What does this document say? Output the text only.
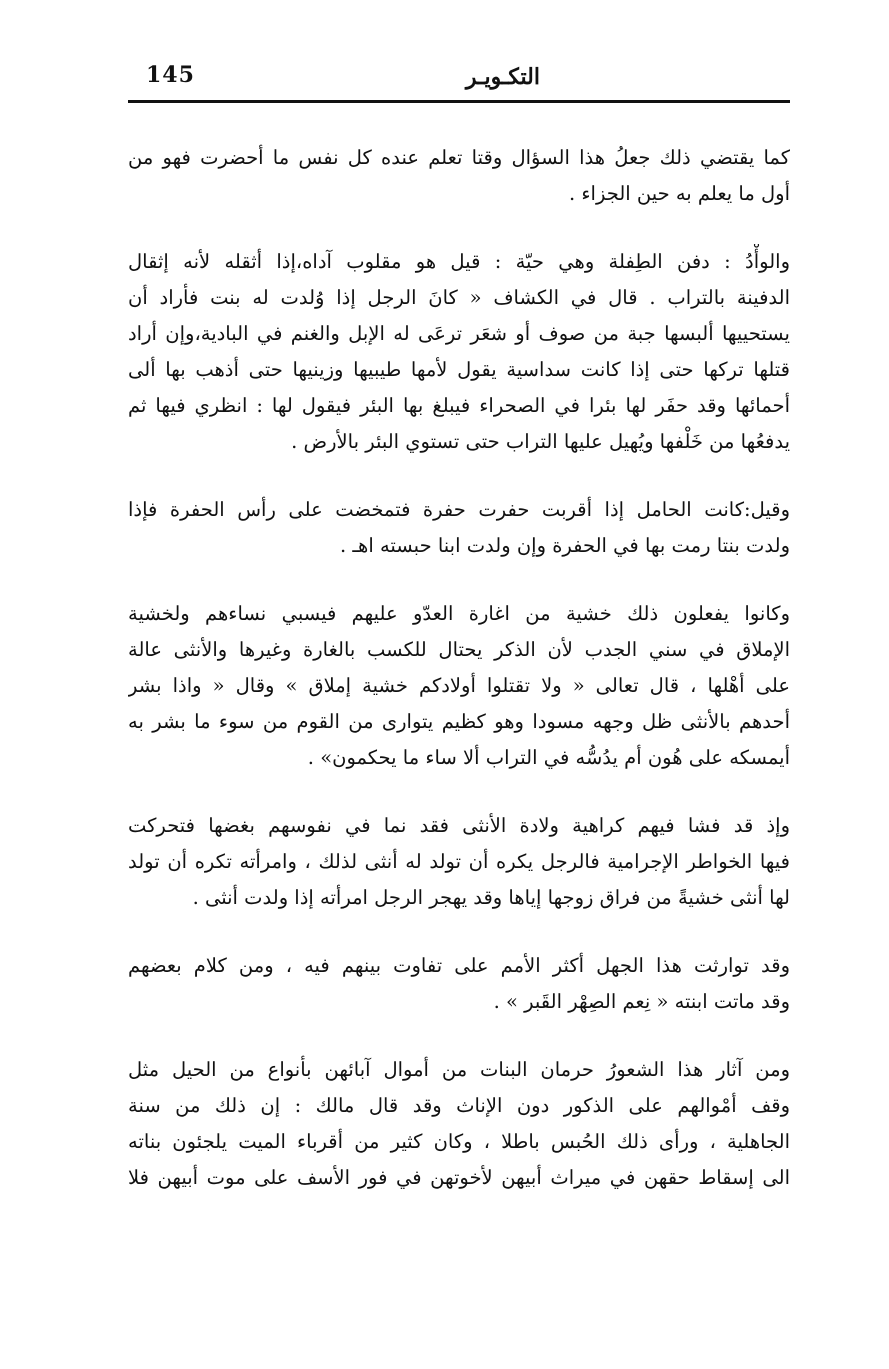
التكـويـر
145
كما يقتضي ذلك جعلُ هذا السؤال وقتا تعلم عنده كل نفس ما أحضرت فهو من
أول ما يعلم به حين الجزاء .
والوأْدُ : دفن الطِفلة وهي حيّة : قيل هو مقلوب آداه،إذا أثقله لأنه إثقال
الدفينة بالتراب . قال في الكشاف « كانَ الرجل إذا وُلدت له بنت فأراد أن
يستحييها ألبسها جبة من صوف أو شعَر ترعَى له الإبل والغنم في البادية،وإن أراد
قتلها تركها حتى إذا كانت سداسية يقول لأمها طيبيها وزينيها حتى أذهب بها ألى
أحمائها وقد حفَر لها بئرا في الصحراء فيبلغ بها البئر فيقول لها : انظري فيها ثم
يدفعُها من خَلْفها ويُهيل عليها التراب حتى تستوي البئر بالأرض .
وقيل:كانت الحامل إذا أقربت حفرت حفرة فتمخضت على رأس الحفرة فإذا
ولدت بنتا رمت بها في الحفرة وإن ولدت ابنا حبسته اهـ .
وكانوا يفعلون ذلك خشية من اغارة العدّو عليهم فيسبي نساءهم ولخشية
الإملاق في سني الجدب لأن الذكر يحتال للكسب بالغارة وغيرها والأنثى عالة
على أهْلها ، قال تعالى « ولا تقتلوا أولادكم خشية إملاق » وقال « واذا بشر
أحدهم بالأنثى ظل وجهه مسودا وهو كظيم يتوارى من القوم من سوء ما بشر به
أيمسكه على هُون أم يدُسُّه في التراب ألا ساء ما يحكمون» .
وإذ قد فشا فيهم كراهية ولادة الأنثى فقد نما في نفوسهم بغضها فتحركت
فيها الخواطر الإجرامية فالرجل يكره أن تولد له أنثى لذلك ، وامرأته تكره أن تولد
لها أنثى خشيةً من فراق زوجها إياها وقد يهجر الرجل امرأته إذا ولدت أنثى .
وقد توارثت هذا الجهل أكثر الأمم على تفاوت بينهم فيه ، ومن كلام بعضهم
وقد ماتت ابنته « نِعم الصِهْر القَبر » .
ومن آثار هذا الشعورُ حرمان البنات من أموال آبائهن بأنواع من الحيل مثل
وقف أمْوالهم على الذكور دون الإناث وقد قال مالك : إن ذلك من سنة
الجاهلية ، ورأى ذلك الحُبس باطلا ، وكان كثير من أقرباء الميت يلجئون بناته
الى إسقاط حقهن في ميراث أبيهن لأخوتهن في فور الأسف على موت أبيهن فلا
